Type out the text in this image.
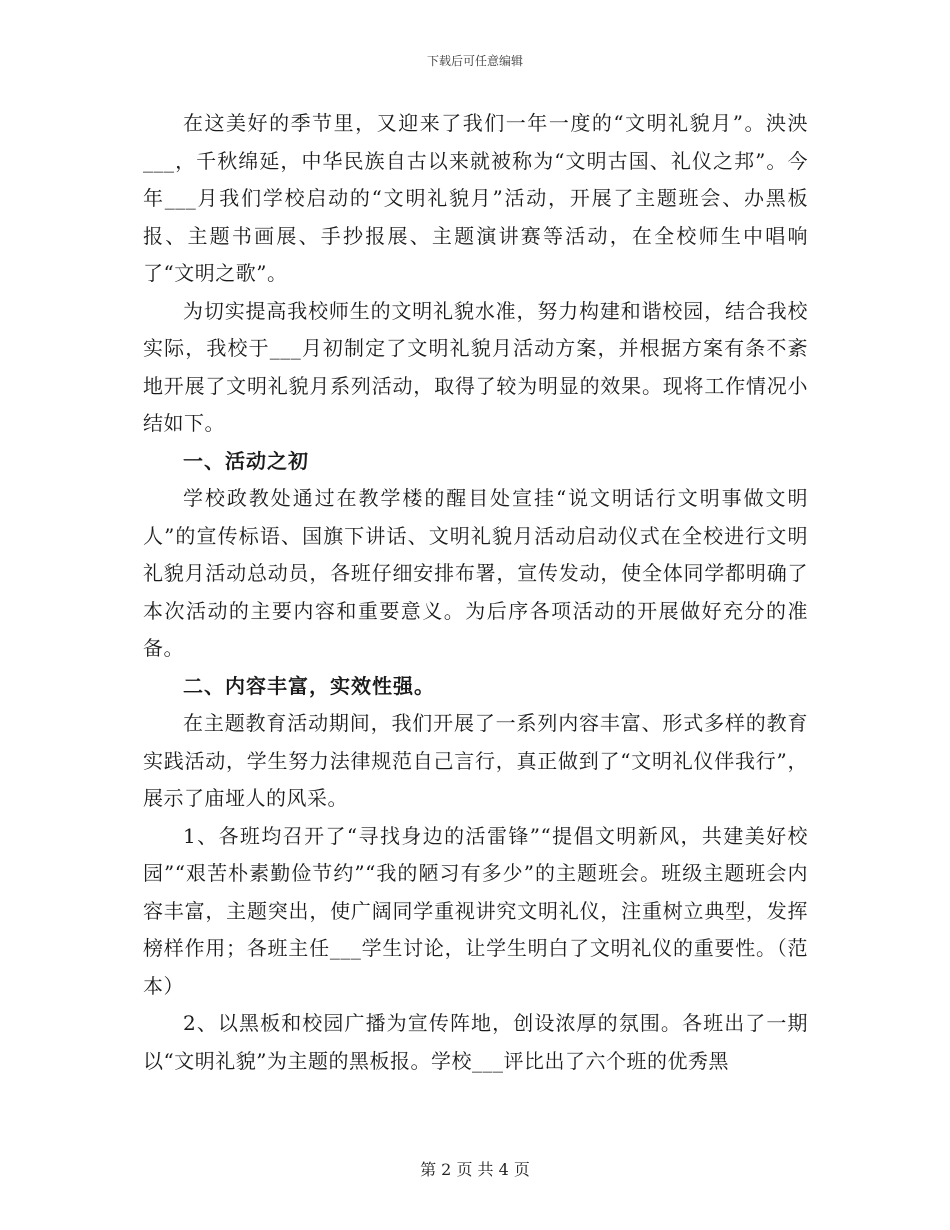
下载后可任意编辑

在这美好的季节里，又迎来了我们一年一度的“文明礼貌月”。泱泱___，千秋绵延，中华民族自古以来就被称为“文明古国、礼仪之邦”。今年___月我们学校启动的“文明礼貌月”活动，开展了主题班会、办黑板报、主题书画展、手抄报展、主题演讲赛等活动，在全校师生中唱响了“文明之歌”。

为切实提高我校师生的文明礼貌水准，努力构建和谐校园，结合我校实际，我校于___月初制定了文明礼貌月活动方案，并根据方案有条不紊地开展了文明礼貌月系列活动，取得了较为明显的效果。现将工作情况小结如下。

一、活动之初

学校政教处通过在教学楼的醒目处宣挂“说文明话行文明事做文明人”的宣传标语、国旗下讲话、文明礼貌月活动启动仪式在全校进行文明礼貌月活动总动员，各班仔细安排布署，宣传发动，使全体同学都明确了本次活动的主要内容和重要意义。为后序各项活动的开展做好充分的准备。

二、内容丰富，实效性强。

在主题教育活动期间，我们开展了一系列内容丰富、形式多样的教育实践活动，学生努力法律规范自己言行，真正做到了“文明礼仪伴我行”，展示了庙垭人的风采。

1、各班均召开了“寻找身边的活雷锋”“提倡文明新风，共建美好校园”“艰苦朴素勤俭节约”“我的陋习有多少”的主题班会。班级主题班会内容丰富，主题突出，使广阔同学重视讲究文明礼仪，注重树立典型，发挥榜样作用；各班主任___学生讨论，让学生明白了文明礼仪的重要性。（范本）

2、以黑板和校园广播为宣传阵地，创设浓厚的氛围。各班出了一期以“文明礼貌”为主题的黑板报。学校___评比出了六个班的优秀黑

第 2 页 共 4 页
